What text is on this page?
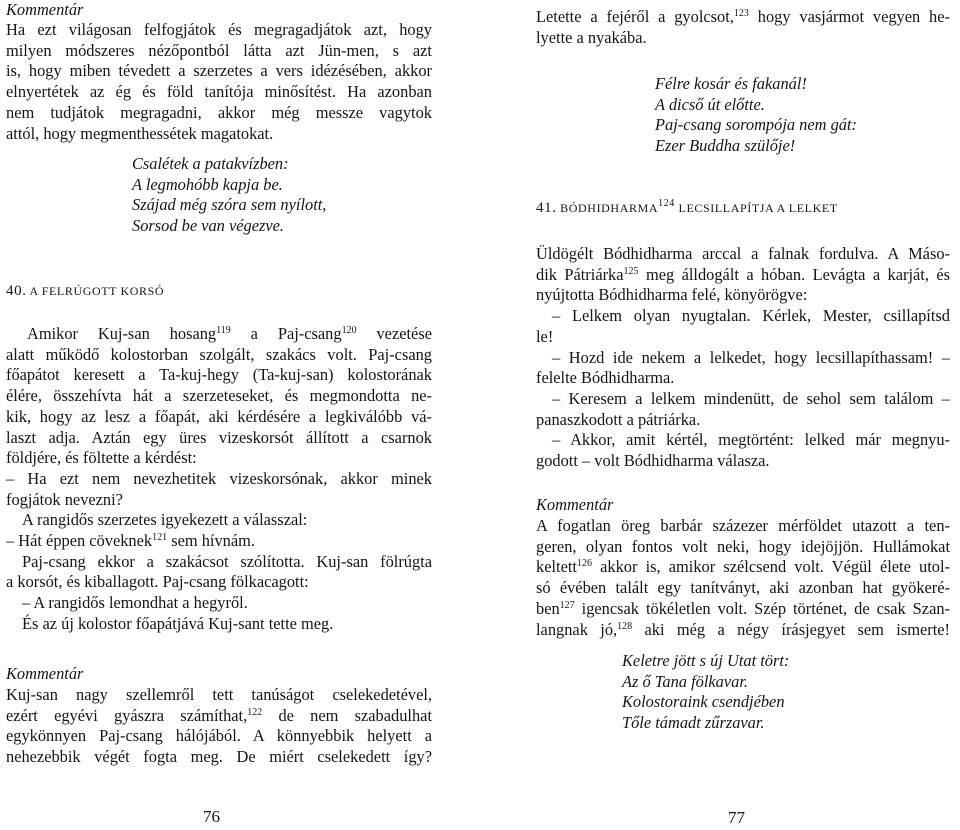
Kommentár
Ha ezt világosan felfogjátok és megragadjátok azt, hogy
milyen módszeres nézőpontból látta azt Jün-men, s azt
is, hogy miben tévedett a szerzetes a vers idézésében, akkor
elnyertétek az ég és föld tanítója minősítést. Ha azonban
nem tudjátok megragadni, akkor még messze vagytok
attól, hogy megmenthessétek magatokat.
Csalétek a patakvízben:
A legmohóbb kapja be.
Szájad még szóra sem nyílott,
Sorsod be van végezve.
40. A FELRÚGOTT KORSÓ
Amikor Kuj-san hosang$^{119}$ a Paj-csang$^{120}$ vezetése
alatt működő kolostorban szolgált, szakács volt. Paj-csang
főapátot keresett a Ta-kuj-hegy (Ta-kuj-san) kolostorának
élére, összehívta hát a szerzeteseket, és megmondotta ne-
kik, hogy az lesz a főapát, aki kérdésére a legkiválóbb vá-
laszt adja. Aztán egy üres vizeskorsót állított a csarnok
földjére, és föltette a kérdést:
– Ha ezt nem nevezhetitek vizeskorsónak, akkor minek
fogjátok nevezni?
A rangidős szerzetes igyekezett a válasszal:
– Hát éppen cöveknek$^{121}$ sem hívnám.
Paj-csang ekkor a szakácsot szólította. Kuj-san fölrúgta
a korsót, és kiballagott. Paj-csang fölkacagott:
– A rangidős lemondhat a hegyről.
És az új kolostor főapátjává Kuj-sant tette meg.
Kommentár
Kuj-san nagy szellemről tett tanúságot cselekedetével,
ezért egyévi gyászra számíthat,$^{122}$ de nem szabadulhat
egykönnyen Paj-csang hálójából. A könnyebbik helyett a
nehezebbik végét fogta meg. De miért cselekedett így?
76
Letette a fejéről a gyolcsot,$^{123}$ hogy vasjármot vegyen he-
lyette a nyakába.
Félre kosár és fakanál!
A dicső út előtte.
Paj-csang sorompója nem gát:
Ezer Buddha szülője!
41. BÓDHIDHARMA$^{124}$ LECSILLAPÍTJA A LELKET
Üldögélt Bódhidharma arccal a falnak fordulva. A Máso-
dik Pátriárka$^{125}$ meg álldogált a hóban. Levágta a karját, és
nyújtotta Bódhidharma felé, könyörögve:
– Lelkem olyan nyugtalan. Kérlek, Mester, csillapítsd
le!
– Hozd ide nekem a lelkedet, hogy lecsillapíthassam! –
felelte Bódhidharma.
– Keresem a lelkem mindenütt, de sehol sem találom –
panaszkodott a pátriárka.
– Akkor, amit kértél, megtörtént: lelked már megnyu-
godott – volt Bódhidharma válasza.
Kommentár
A fogatlan öreg barbár százezer mérföldet utazott a ten-
geren, olyan fontos volt neki, hogy idejöjjön. Hullámokat
keltett$^{126}$ akkor is, amikor szélcsend volt. Végül élete utol-
só évében talált egy tanítványt, aki azonban hat gyökeré-
ben$^{127}$ igencsak tökéletlen volt. Szép történet, de csak Szan-
langnak jó,$^{128}$ aki még a négy írásjegyet sem ismerte!
Keletre jött s új Utat tört:
Az ő Tana fölkavar.
Kolostoraink csendjében
Tőle támadt zűrzavar.
77
